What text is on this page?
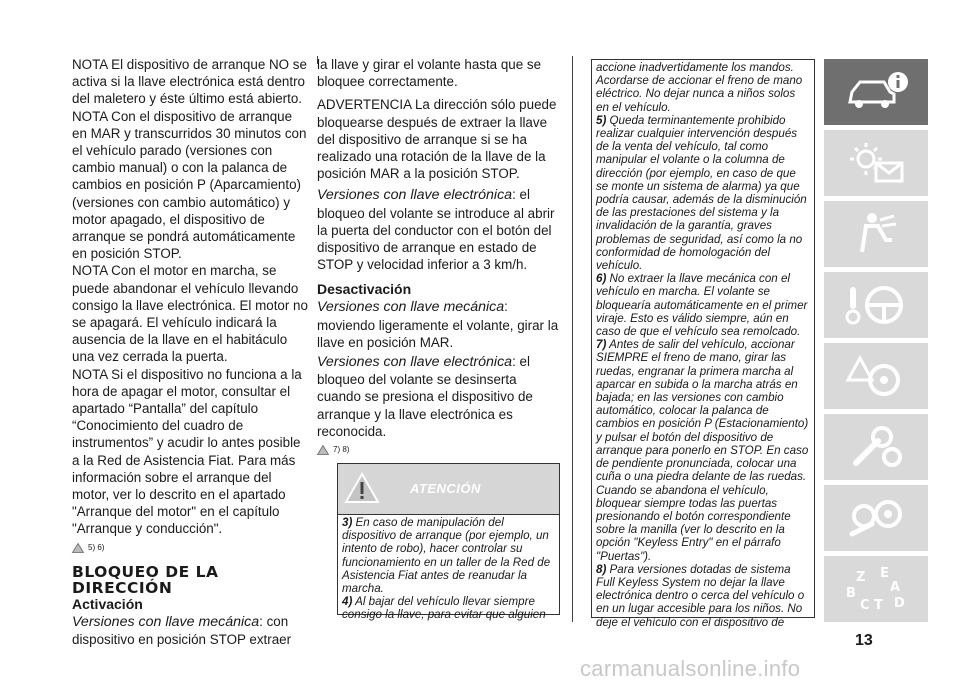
NOTA El dispositivo de arranque NO se activa si la llave electrónica está dentro del maletero y éste último está abierto.

NOTA Con el dispositivo de arranque en MAR y transcurridos 30 minutos con el vehículo parado (versiones con cambio manual) o con la palanca de cambios en posición P (Aparcamiento) (versiones con cambio automático) y motor apagado, el dispositivo de arranque se pondrá automáticamente en posición STOP.

NOTA Con el motor en marcha, se puede abandonar el vehículo llevando consigo la llave electrónica. El motor no se apagará. El vehículo indicará la ausencia de la llave en el habitáculo una vez cerrada la puerta.

NOTA Si el dispositivo no funciona a la hora de apagar el motor, consultar el apartado “Pantalla” del capítulo “Conocimiento del cuadro de instrumentos” y acudir lo antes posible a la Red de Asistencia Fiat. Para más información sobre el arranque del motor, ver lo descrito en el apartado "Arranque del motor" en el capítulo "Arranque y conducción".

5) 6)

BLOQUEO DE LA DIRECCIÓN

Activación

Versiones con llave mecánica: con dispositivo en posición STOP extraer

la llave y girar el volante hasta que se bloquee correctamente.

ADVERTENCIA La dirección sólo puede bloquearse después de extraer la llave del dispositivo de arranque si se ha realizado una rotación de la llave de la posición MAR a la posición STOP.

Versiones con llave electrónica: el bloqueo del volante se introduce al abrir la puerta del conductor con el botón del dispositivo de arranque en estado de STOP y velocidad inferior a 3 km/h.

Desactivación

Versiones con llave mecánica: moviendo ligeramente el volante, girar la llave en posición MAR.

Versiones con llave electrónica: el bloqueo del volante se desinserta cuando se presiona el dispositivo de arranque y la llave electrónica es reconocida.

7) 8)

ATENCIÓN

3) En caso de manipulación del dispositivo de arranque (por ejemplo, un intento de robo), hacer controlar su funcionamiento en un taller de la Red de Asistencia Fiat antes de reanudar la marcha.

4) Al bajar del vehículo llevar siempre consigo la llave, para evitar que alguien

accione inadvertidamente los mandos. Acordarse de accionar el freno de mano eléctrico. No dejar nunca a niños solos en el vehículo.

5) Queda terminantemente prohibido realizar cualquier intervención después de la venta del vehículo, tal como manipular el volante o la columna de dirección (por ejemplo, en caso de que se monte un sistema de alarma) ya que podría causar, además de la disminución de las prestaciones del sistema y la invalidación de la garantía, graves problemas de seguridad, así como la no conformidad de homologación del vehículo.

6) No extraer la llave mecánica con el vehículo en marcha. El volante se bloquearía automáticamente en el primer viraje. Esto es válido siempre, aún en caso de que el vehículo sea remolcado.

7) Antes de salir del vehículo, accionar SIEMPRE el freno de mano, girar las ruedas, engranar la primera marcha al aparcar en subida o la marcha atrás en bajada; en las versiones con cambio automático, colocar la palanca de cambios en posición P (Estacionamiento) y pulsar el botón del dispositivo de arranque para ponerlo en STOP. En caso de pendiente pronunciada, colocar una cuña o una piedra delante de las ruedas. Cuando se abandona el vehículo, bloquear siempre todas las puertas presionando el botón correspondiente sobre la manilla (ver lo descrito en la opción "Keyless Entry" en el párrafo "Puertas").

8) Para versiones dotadas de sistema Full Keyless System no dejar la llave electrónica dentro o cerca del vehículo o en un lugar accesible para los niños. No deje el vehículo con el dispositivo de

Z E
A
B
C T D
13
carmanualsonline.info
